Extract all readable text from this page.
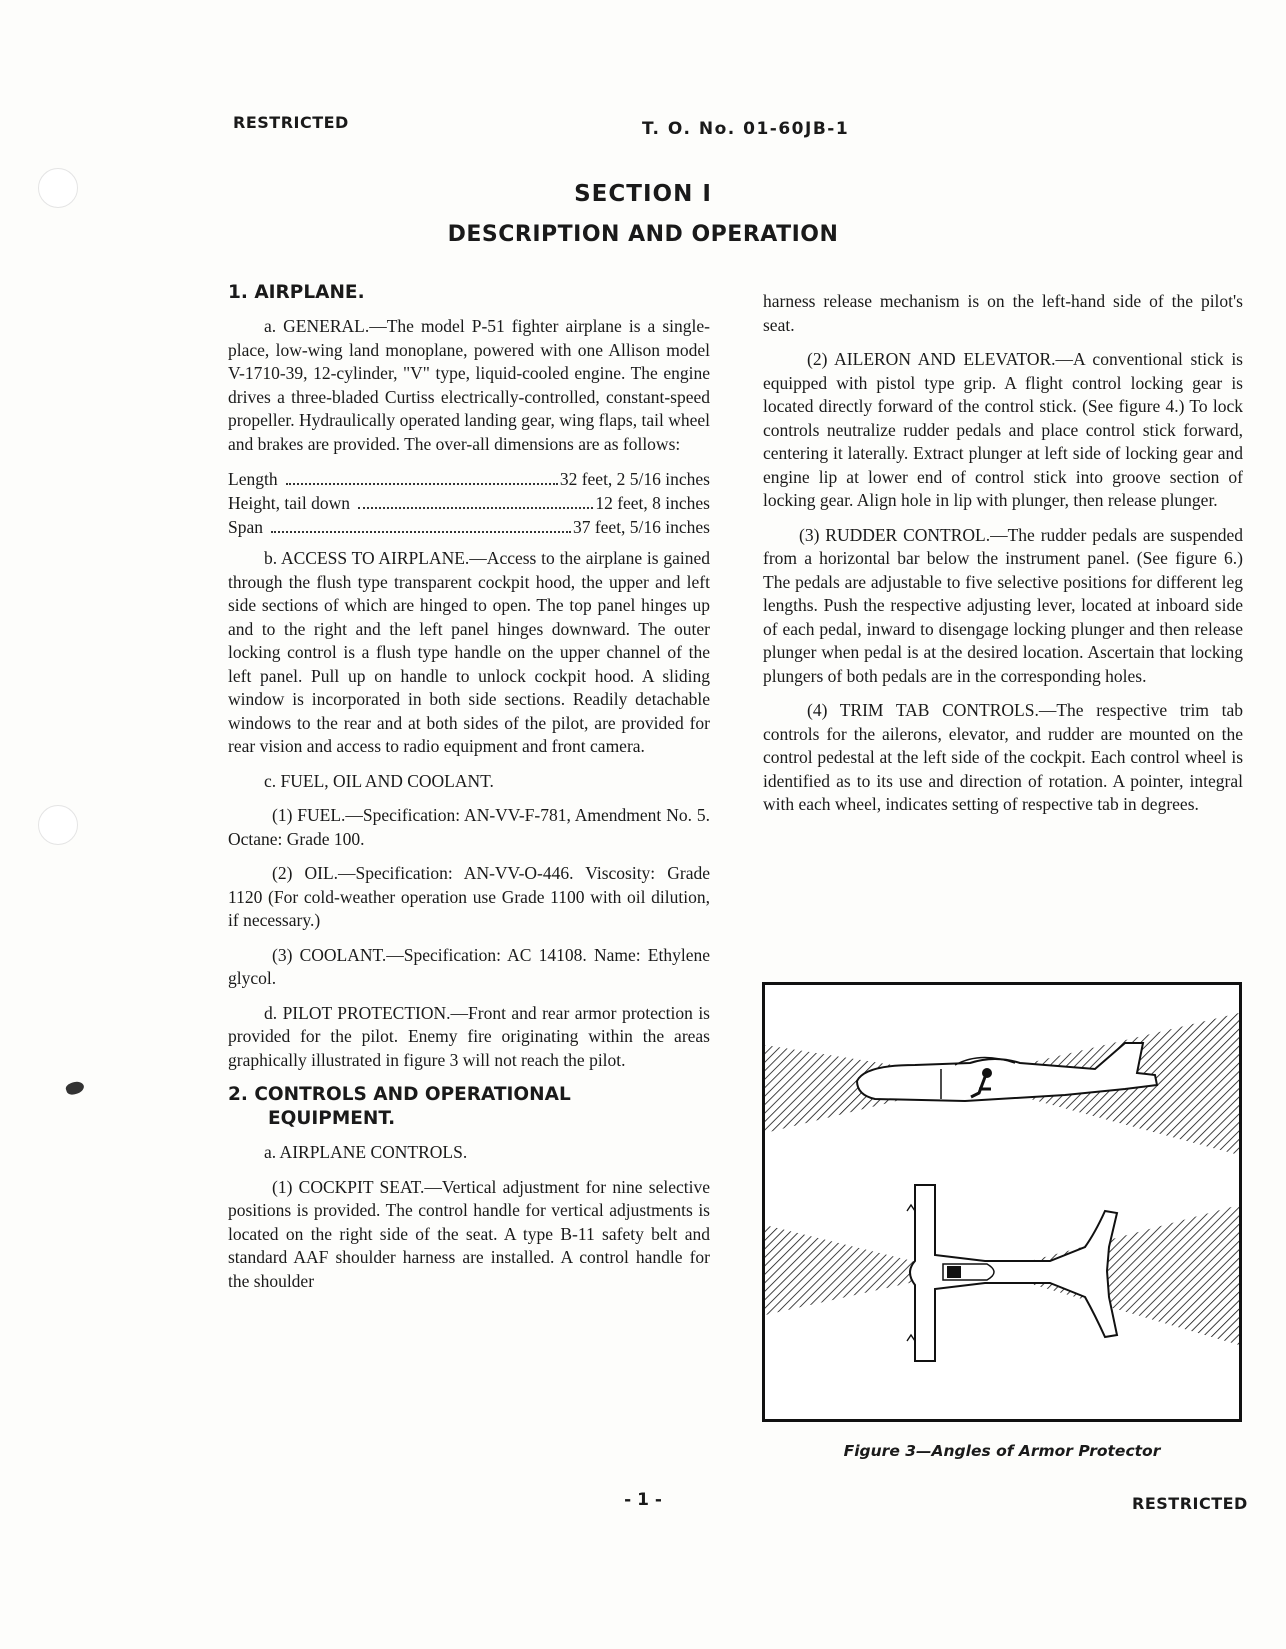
RESTRICTED	T. O. No. 01-60JB-1
SECTION I
DESCRIPTION AND OPERATION
1. AIRPLANE.

a. GENERAL.—The model P-51 fighter airplane is a single-place, low-wing land monoplane, powered with one Allison model V-1710-39, 12-cylinder, "V" type, liquid-cooled engine. The engine drives a three-bladed Curtiss electrically-controlled, constant-speed propeller. Hydraulically operated landing gear, wing flaps, tail wheel and brakes are provided. The over-all dimensions are as follows:

Length	32 feet, 2 5/16 inches
Height, tail down	12 feet, 8 inches
Span	37 feet, 5/16 inches

b. ACCESS TO AIRPLANE.—Access to the airplane is gained through the flush type transparent cockpit hood, the upper and left side sections of which are hinged to open. The top panel hinges up and to the right and the left panel hinges downward. The outer locking control is a flush type handle on the upper channel of the left panel. Pull up on handle to unlock cockpit hood. A sliding window is incorporated in both side sections. Readily detachable windows to the rear and at both sides of the pilot, are provided for rear vision and access to radio equipment and front camera.

c. FUEL, OIL AND COOLANT.

(1) FUEL.—Specification: AN-VV-F-781, Amendment No. 5. Octane: Grade 100.

(2) OIL.—Specification: AN-VV-O-446. Viscosity: Grade 1120 (For cold-weather operation use Grade 1100 with oil dilution, if necessary.)

(3) COOLANT.—Specification: AC 14108. Name: Ethylene glycol.

d. PILOT PROTECTION.—Front and rear armor protection is provided for the pilot. Enemy fire originating within the areas graphically illustrated in figure 3 will not reach the pilot.

2. CONTROLS AND OPERATIONAL
EQUIPMENT.

a. AIRPLANE CONTROLS.

(1) COCKPIT SEAT.—Vertical adjustment for nine selective positions is provided. The control handle for vertical adjustments is located on the right side of the seat. A type B-11 safety belt and standard AAF shoulder harness are installed. A control handle for the shoulder

harness release mechanism is on the left-hand side of the pilot's seat.

(2) AILERON AND ELEVATOR.—A conventional stick is equipped with pistol type grip. A flight control locking gear is located directly forward of the control stick. (See figure 4.) To lock controls neutralize rudder pedals and place control stick forward, centering it laterally. Extract plunger at left side of locking gear and engine lip at lower end of control stick into groove section of locking gear. Align hole in lip with plunger, then release plunger.

(3) RUDDER CONTROL.—The rudder pedals are suspended from a horizontal bar below the instrument panel. (See figure 6.) The pedals are adjustable to five selective positions for different leg lengths. Push the respective adjusting lever, located at inboard side of each pedal, inward to disengage locking plunger and then release plunger when pedal is at the desired location. Ascertain that locking plungers of both pedals are in the corresponding holes.

(4) TRIM TAB CONTROLS.—The respective trim tab controls for the ailerons, elevator, and rudder are mounted on the control pedestal at the left side of the cockpit. Each control wheel is identified as to its use and direction of rotation. A pointer, integral with each wheel, indicates setting of respective tab in degrees.

Figure 3—Angles of Armor Protector
- 1 -	RESTRICTED
